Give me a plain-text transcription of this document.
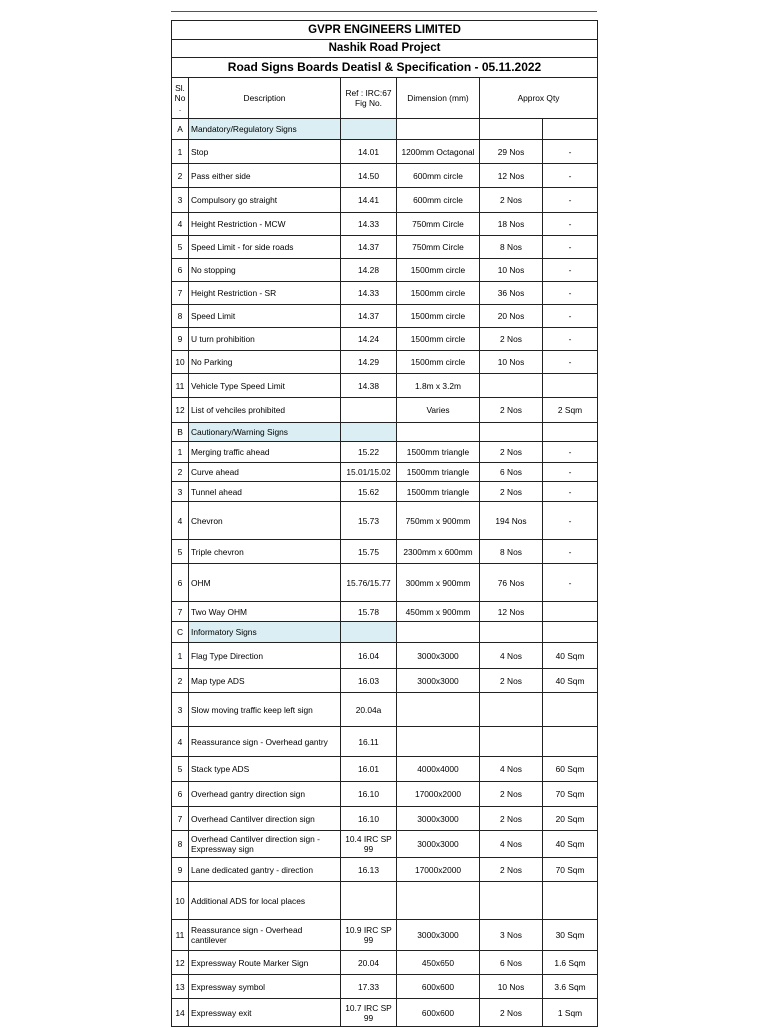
GVPR ENGINEERS LIMITED					
Nashik Road Project					
Road Signs Boards Deatisl & Specification - 05.11.2022					
Sl. No .	Description	Ref : IRC:67 Fig No.	Dimension (mm)	Approx Qty	
A	Mandatory/Regulatory Signs				
1	Stop	14.01	1200mm Octagonal	29 Nos	-
2	Pass either side	14.50	600mm circle	12 Nos	-
3	Compulsory go straight	14.41	600mm circle	2 Nos	-
4	Height Restriction - MCW	14.33	750mm Circle	18 Nos	-
5	Speed Limit - for side roads	14.37	750mm Circle	8 Nos	-
6	No stopping	14.28	1500mm circle	10 Nos	-
7	Height Restriction - SR	14.33	1500mm circle	36 Nos	-
8	Speed Limit	14.37	1500mm circle	20 Nos	-
9	U turn prohibition	14.24	1500mm circle	2 Nos	-
10	No Parking	14.29	1500mm circle	10 Nos	-
11	Vehicle Type Speed Limit	14.38	1.8m x 3.2m		
12	List of vehciles prohibited		Varies	2 Nos	2 Sqm
B	Cautionary/Warning Signs				
1	Merging traffic ahead	15.22	1500mm triangle	2 Nos	-
2	Curve ahead	15.01/15.02	1500mm triangle	6 Nos	-
3	Tunnel ahead	15.62	1500mm triangle	2 Nos	-
4	Chevron	15.73	750mm x 900mm	194 Nos	-
5	Triple chevron	15.75	2300mm x 600mm	8 Nos	-
6	OHM	15.76/15.77	300mm x 900mm	76 Nos	-
7	Two Way OHM	15.78	450mm x 900mm	12 Nos	
C	Informatory Signs				
1	Flag Type Direction	16.04	3000x3000	4 Nos	40 Sqm
2	Map type ADS	16.03	3000x3000	2 Nos	40 Sqm
3	Slow moving traffic keep left sign	20.04a			
4	Reassurance sign - Overhead gantry	16.11			
5	Stack type ADS	16.01	4000x4000	4 Nos	60 Sqm
6	Overhead gantry direction sign	16.10	17000x2000	2 Nos	70 Sqm
7	Overhead Cantilver direction sign	16.10	3000x3000	2 Nos	20 Sqm
8	Overhead Cantilver direction sign - Expressway sign	10.4 IRC SP 99	3000x3000	4 Nos	40 Sqm
9	Lane dedicated gantry - direction	16.13	17000x2000	2 Nos	70 Sqm
10	Additional ADS for local places				
11	Reassurance sign - Overhead cantilever	10.9 IRC SP 99	3000x3000	3 Nos	30 Sqm
12	Expressway Route Marker Sign	20.04	450x650	6 Nos	1.6 Sqm
13	Expressway symbol	17.33	600x600	10 Nos	3.6 Sqm
14	Expressway exit	10.7 IRC SP 99	600x600	2 Nos	1 Sqm
